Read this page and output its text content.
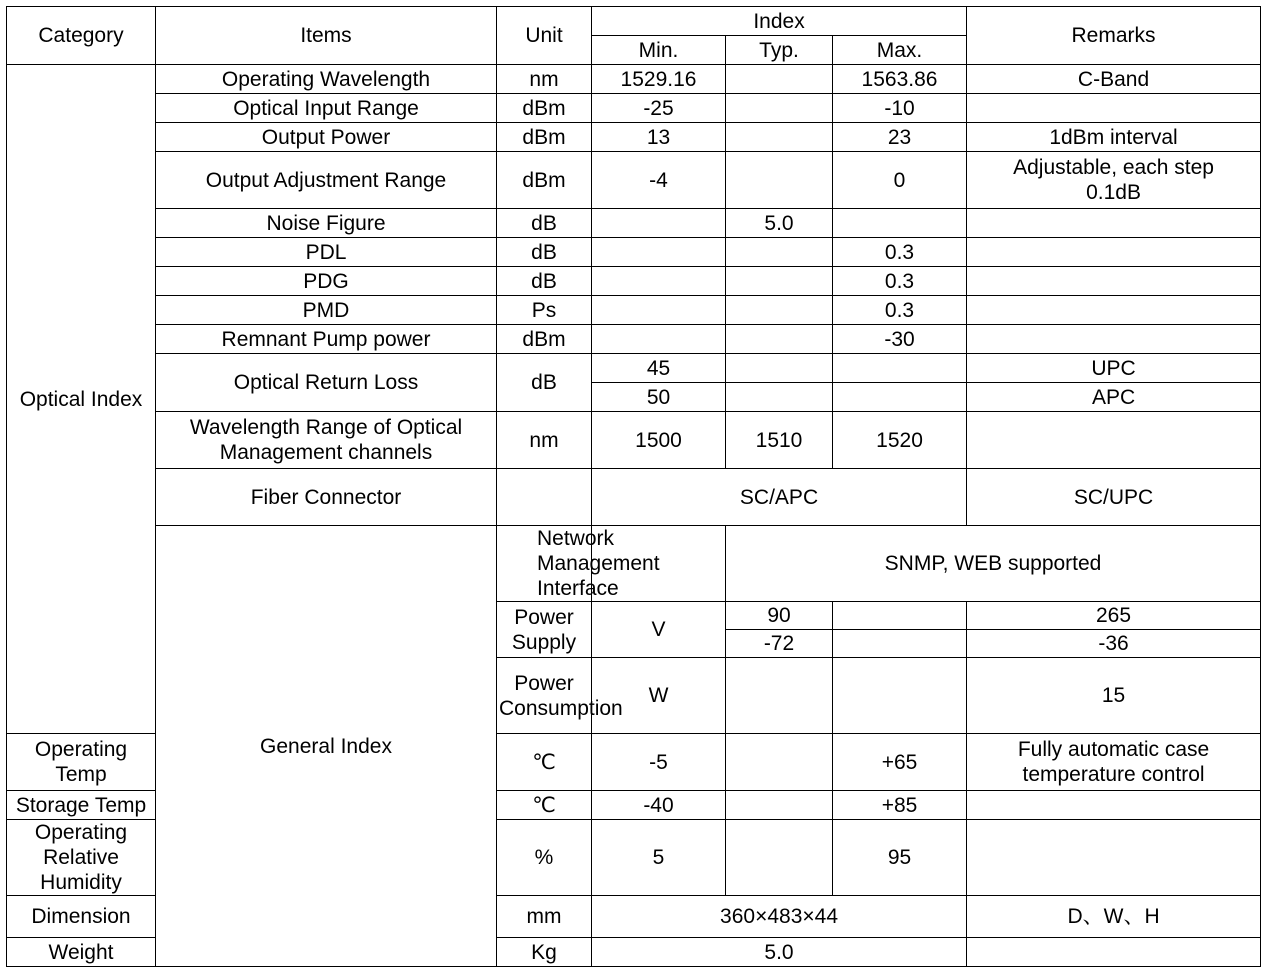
Category	Items	Unit	Index			Remarks	
			Min.	Typ.	Max.		
Optical Index	Operating Wavelength	nm	1529.16		1563.86	C-Band	
	Optical Input Range	dBm	-25		-10		
	Output Power	dBm	13		23	1dBm interval	
	Output Adjustment Range	dBm	-4		0	Adjustable, each step 0.1dB	
	Noise Figure	dB		5.0			
	PDL	dB			0.3		
	PDG	dB			0.3		
	PMD	Ps			0.3		
	Remnant Pump power	dBm			-30		
	Optical Return Loss	dB	45			UPC	
			50			APC	
	Wavelength Range of Optical Management channels	nm	1500	1510	1520		
	Fiber Connector		SC/APC			SC/UPC	
	General Index	Network Management Interface		SNMP, WEB supported			
		Power Supply	V	90		265	
				-72		-36	
		Power Consumption	W			15	
Operating Temp		℃	-5		+65	Fully automatic case temperature control	
Storage Temp		℃	-40		+85		
Operating Relative Humidity		%	5		95		
Dimension		mm	360×483×44			D、W、H	
Weight		Kg	5.0				
